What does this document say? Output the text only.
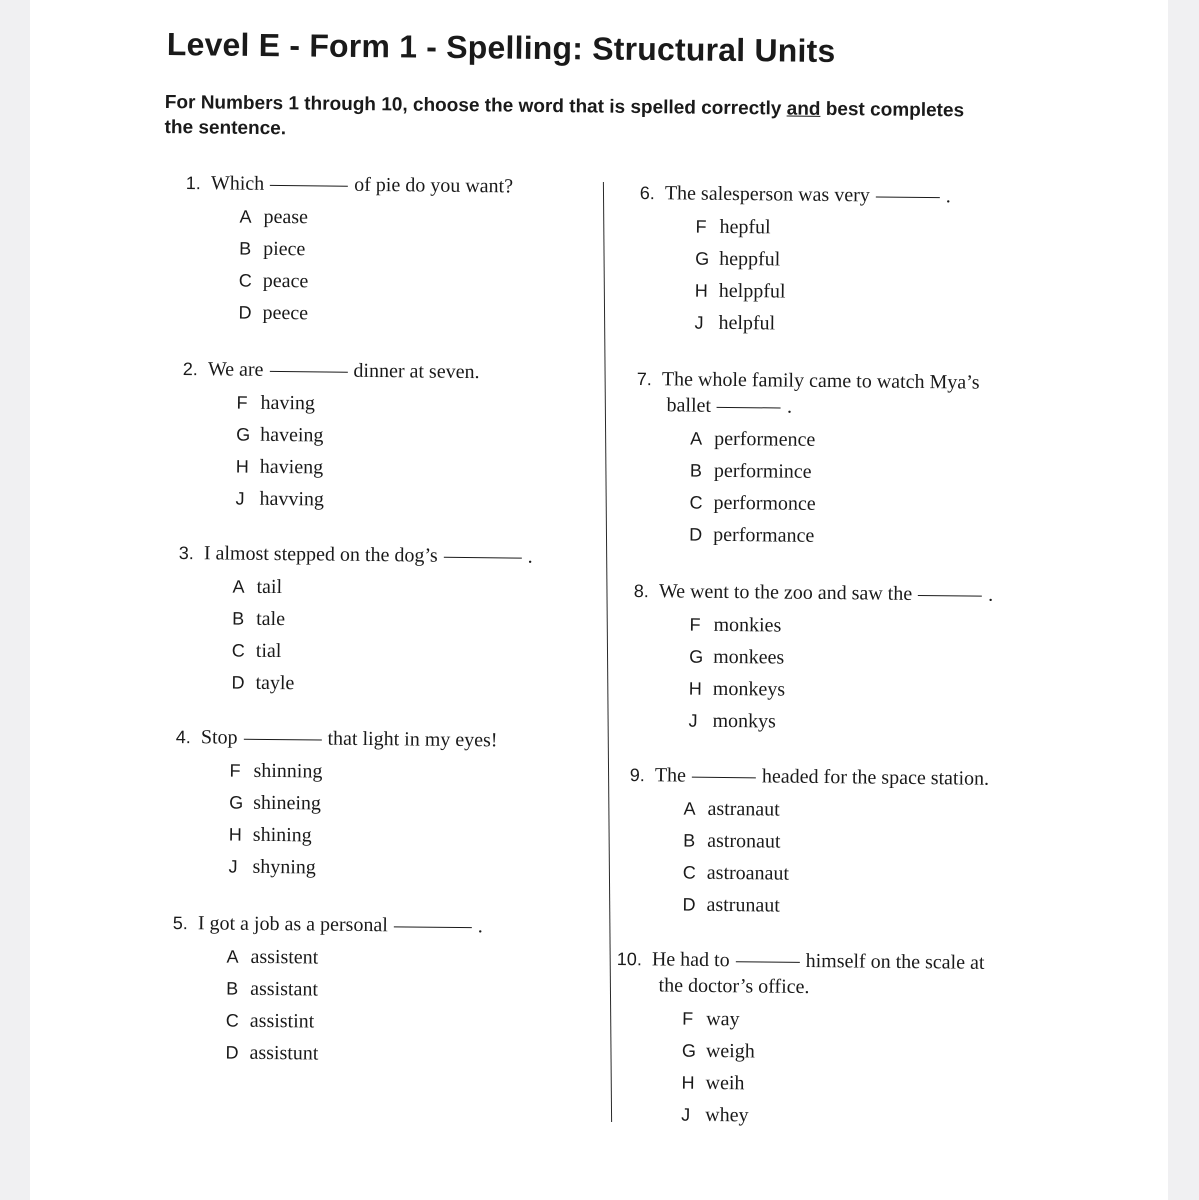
Level E - Form 1 - Spelling: Structural Units
For Numbers 1 through 10, choose the word that is spelled correctly and best completes the sentence.
1. Which	of pie do you want?
A pease
B piece
C peace
D peece
2. We are	dinner at seven.
F having
G haveing
H havieng
J havving
3. I almost stepped on the dog’s	.
A tail
B tale
C tial
D tayle
4. Stop	that light in my eyes!
F shinning
G shineing
H shining
J shyning
5. I got a job as a personal	.
A assistent
B assistant
C assistint
D assistunt
6. The salesperson was very	.
F hepful
G heppful
H helppful
J helpful
7. The whole family came to watch Mya’s
ballet	.
A performence
B performince
C performonce
D performance
8. We went to the zoo and saw the	.
F monkies
G monkees
H monkeys
J monkys
9. The	headed for the space station.
A astranaut
B astronaut
C astroanaut
D astrunaut
10. He had to	himself on the scale at
the doctor’s office.
F way
G weigh
H weih
J whey
